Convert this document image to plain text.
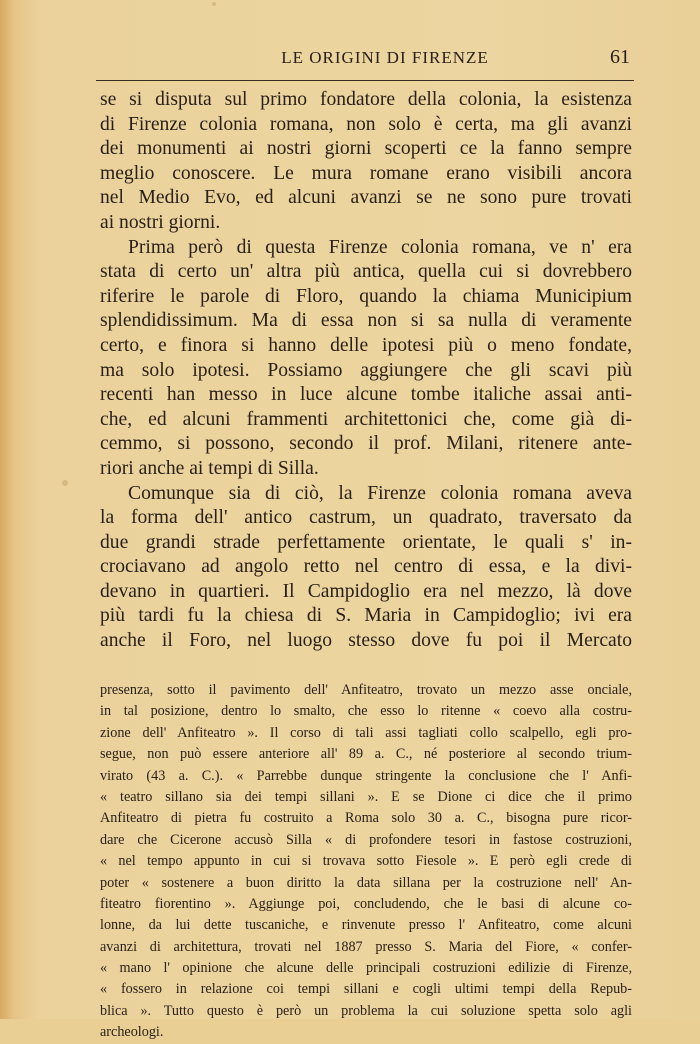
LE ORIGINI DI FIRENZE	61
se si disputa sul primo fondatore della colonia, la esistenza
di Firenze colonia romana, non solo è certa, ma gli avanzi
dei monumenti ai nostri giorni scoperti ce la fanno sempre
meglio conoscere. Le mura romane erano visibili ancora
nel Medio Evo, ed alcuni avanzi se ne sono pure trovati
ai nostri giorni.
Prima però di questa Firenze colonia romana, ve n' era
stata di certo un' altra più antica, quella cui si dovrebbero
riferire le parole di Floro, quando la chiama Municipium
splendidissimum. Ma di essa non si sa nulla di veramente
certo, e finora si hanno delle ipotesi più o meno fondate,
ma solo ipotesi. Possiamo aggiungere che gli scavi più
recenti han messo in luce alcune tombe italiche assai anti-
che, ed alcuni frammenti architettonici che, come già di-
cemmo, si possono, secondo il prof. Milani, ritenere ante-
riori anche ai tempi di Silla.
Comunque sia di ciò, la Firenze colonia romana aveva
la forma dell' antico castrum, un quadrato, traversato da
due grandi strade perfettamente orientate, le quali s' in-
crociavano ad angolo retto nel centro di essa, e la divi-
devano in quartieri. Il Campidoglio era nel mezzo, là dove
più tardi fu la chiesa di S. Maria in Campidoglio; ivi era
anche il Foro, nel luogo stesso dove fu poi il Mercato
presenza, sotto il pavimento dell' Anfiteatro, trovato un mezzo asse onciale,
in tal posizione, dentro lo smalto, che esso lo ritenne « coevo alla costru-
zione dell' Anfiteatro ». Il corso di tali assi tagliati collo scalpello, egli pro-
segue, non può essere anteriore all' 89 a. C., né posteriore al secondo trium-
virato (43 a. C.). « Parrebbe dunque stringente la conclusione che l' Anfi-
« teatro sillano sia dei tempi sillani ». E se Dione ci dice che il primo
Anfiteatro di pietra fu costruito a Roma solo 30 a. C., bisogna pure ricor-
dare che Cicerone accusò Silla « di profondere tesori in fastose costruzioni,
« nel tempo appunto in cui si trovava sotto Fiesole ». E però egli crede di
poter « sostenere a buon diritto la data sillana per la costruzione nell' An-
fiteatro fiorentino ». Aggiunge poi, concludendo, che le basi di alcune co-
lonne, da lui dette tuscaniche, e rinvenute presso l' Anfiteatro, come alcuni
avanzi di architettura, trovati nel 1887 presso S. Maria del Fiore, « confer-
« mano l' opinione che alcune delle principali costruzioni edilizie di Firenze,
« fossero in relazione coi tempi sillani e cogli ultimi tempi della Repub-
blica ». Tutto questo è però un problema la cui soluzione spetta solo agli
archeologi.
